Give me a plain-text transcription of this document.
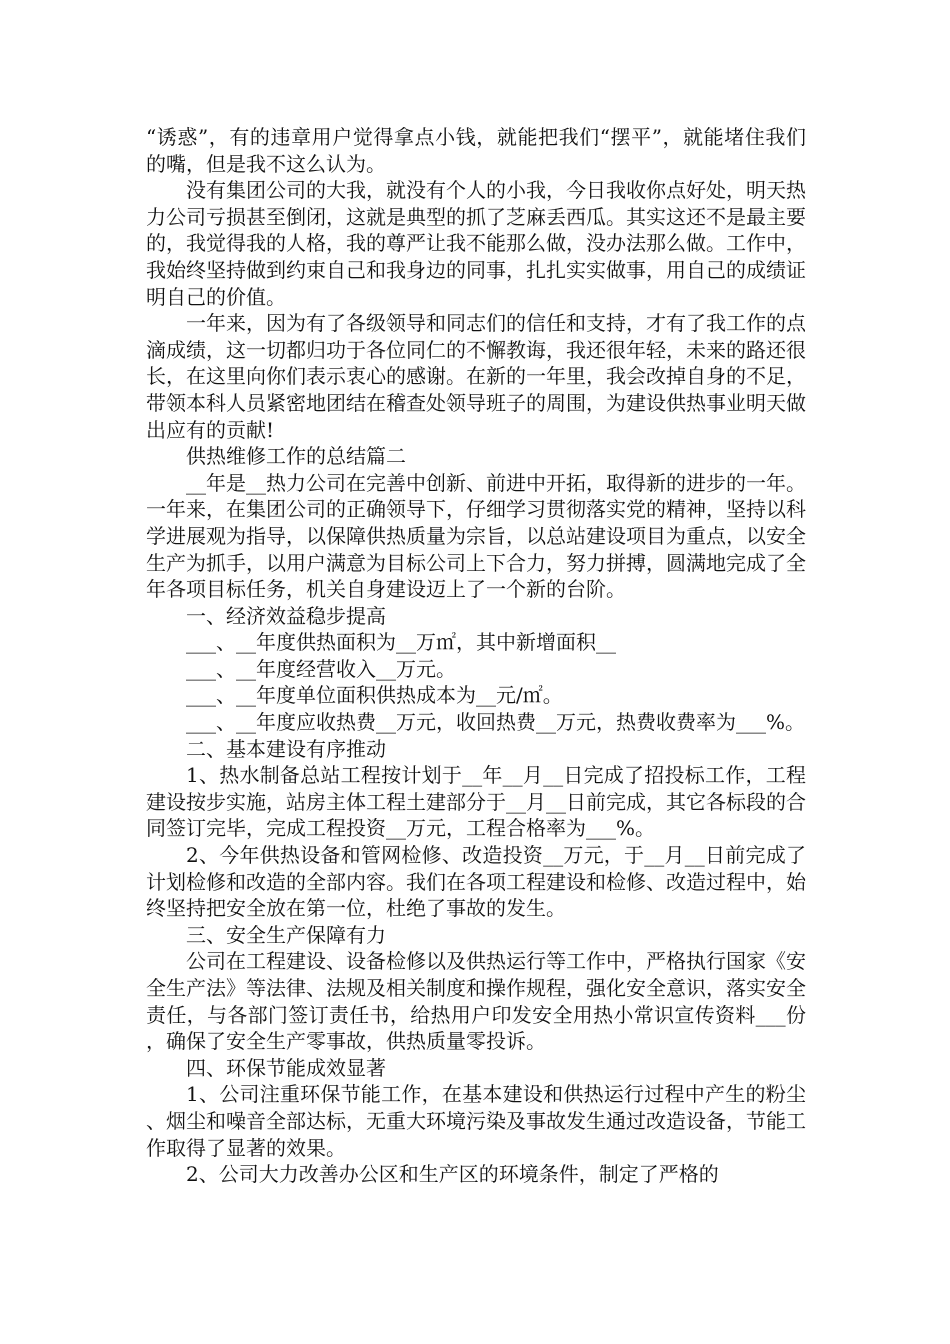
“诱惑”，有的违章用户觉得拿点小钱，就能把我们“摆平”，就能堵住我们的嘴，但是我不这么认为。

没有集团公司的大我，就没有个人的小我，今日我收你点好处，明天热力公司亏损甚至倒闭，这就是典型的抓了芝麻丢西瓜。其实这还不是最主要的，我觉得我的人格，我的尊严让我不能那么做，没办法那么做。工作中，我始终坚持做到约束自己和我身边的同事，扎扎实实做事，用自己的成绩证明自己的价值。

一年来，因为有了各级领导和同志们的信任和支持，才有了我工作的点滴成绩，这一切都归功于各位同仁的不懈教诲，我还很年轻，未来的路还很长，在这里向你们表示衷心的感谢。在新的一年里，我会改掉自身的不足，带领本科人员紧密地团结在稽查处领导班子的周围，为建设供热事业明天做出应有的贡献!

供热维修工作的总结篇二

__年是__热力公司在完善中创新、前进中开拓，取得新的进步的一年。一年来，在集团公司的正确领导下，仔细学习贯彻落实党的精神，坚持以科学进展观为指导，以保障供热质量为宗旨，以总站建设项目为重点，以安全生产为抓手，以用户满意为目标公司上下合力，努力拼搏，圆满地完成了全年各项目标任务，机关自身建设迈上了一个新的台阶。

一、经济效益稳步提高

___、__年度供热面积为__万㎡，其中新增面积__

___、__年度经营收入__万元。

___、__年度单位面积供热成本为__元/㎡。

___、__年度应收热费__万元，收回热费__万元，热费收费率为___%。

二、基本建设有序推动

1、热水制备总站工程按计划于__年__月__日完成了招投标工作，工程建设按步实施，站房主体工程土建部分于__月__日前完成，其它各标段的合同签订完毕，完成工程投资__万元，工程合格率为___%。

2、今年供热设备和管网检修、改造投资__万元，于__月__日前完成了计划检修和改造的全部内容。我们在各项工程建设和检修、改造过程中，始终坚持把安全放在第一位，杜绝了事故的发生。

三、安全生产保障有力

公司在工程建设、设备检修以及供热运行等工作中，严格执行国家《安全生产法》等法律、法规及相关制度和操作规程，强化安全意识，落实安全责任，与各部门签订责任书，给热用户印发安全用热小常识宣传资料___份，确保了安全生产零事故，供热质量零投诉。

四、环保节能成效显著

1、公司注重环保节能工作，在基本建设和供热运行过程中产生的粉尘、烟尘和噪音全部达标，无重大环境污染及事故发生通过改造设备，节能工作取得了显著的效果。

2、公司大力改善办公区和生产区的环境条件，制定了严格的
